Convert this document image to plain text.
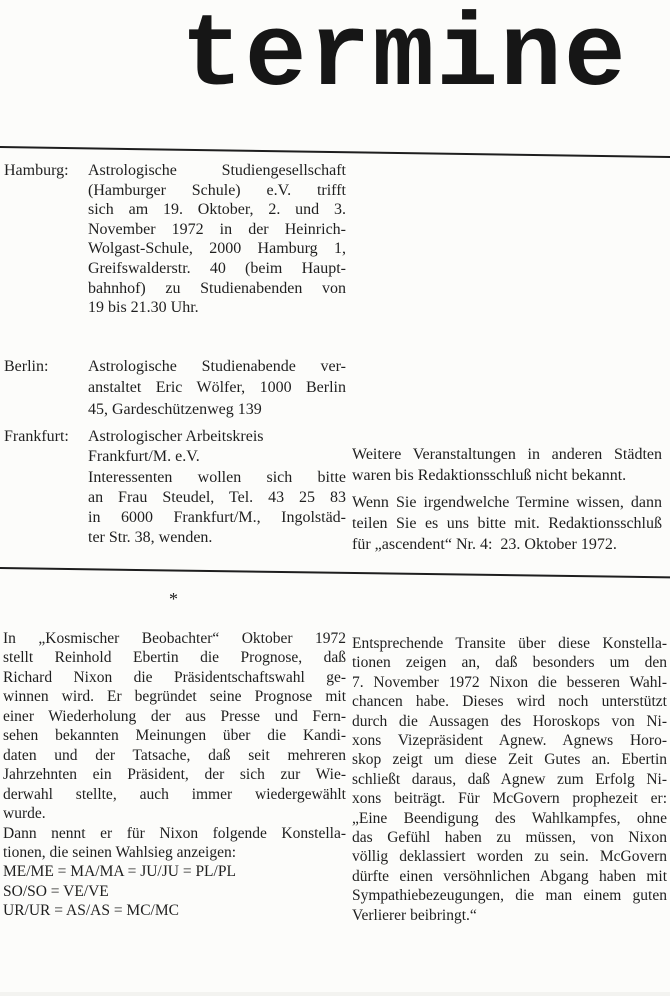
termine
Hamburg:	Astrologische Studiengesellschaft
(Hamburger Schule) e.V. trifft
sich am 19. Oktober, 2. und 3.
November 1972 in der Heinrich-
Wolgast-Schule, 2000 Hamburg 1,
Greifswalderstr. 40 (beim Haupt-
bahnhof) zu Studienabenden von
19 bis 21.30 Uhr.
Berlin:	Astrologische Studienabende ver-
anstaltet Eric Wölfer, 1000 Berlin
45, Gardeschützenweg 139
Frankfurt:	Astrologischer Arbeitskreis
Frankfurt/M. e.V.
Interessenten wollen sich bitte
an Frau Steudel, Tel. 43 25 83
in 6000 Frankfurt/M., Ingolstäd-
ter Str. 38, wenden.
Weitere Veranstaltungen in anderen Städten
waren bis Redaktionsschluß nicht bekannt.
Wenn Sie irgendwelche Termine wissen, dann
teilen Sie es uns bitte mit. Redaktionsschluß
für „ascendent“ Nr. 4:  23. Oktober 1972.
*
In „Kosmischer Beobachter“ Oktober 1972
stellt Reinhold Ebertin die Prognose, daß
Richard Nixon die Präsidentschaftswahl ge-
winnen wird. Er begründet seine Prognose mit
einer Wiederholung der aus Presse und Fern-
sehen bekannten Meinungen über die Kandi-
daten und der Tatsache, daß seit mehreren
Jahrzehnten ein Präsident, der sich zur Wie-
derwahl stellte, auch immer wiedergewählt
wurde.
Dann nennt er für Nixon folgende Konstella-
tionen, die seinen Wahlsieg anzeigen:
ME/ME = MA/MA = JU/JU = PL/PL
SO/SO = VE/VE
UR/UR = AS/AS = MC/MC
Entsprechende Transite über diese Konstella-
tionen zeigen an, daß besonders um den
7. November 1972 Nixon die besseren Wahl-
chancen habe. Dieses wird noch unterstützt
durch die Aussagen des Horoskops von Ni-
xons Vizepräsident Agnew. Agnews Horo-
skop zeigt um diese Zeit Gutes an. Ebertin
schließt daraus, daß Agnew zum Erfolg Ni-
xons beiträgt. Für McGovern prophezeit er:
„Eine Beendigung des Wahlkampfes, ohne
das Gefühl haben zu müssen, von Nixon
völlig deklassiert worden zu sein. McGovern
dürfte einen versöhnlichen Abgang haben mit
Sympathiebezeugungen, die man einem guten
Verlierer beibringt.“
